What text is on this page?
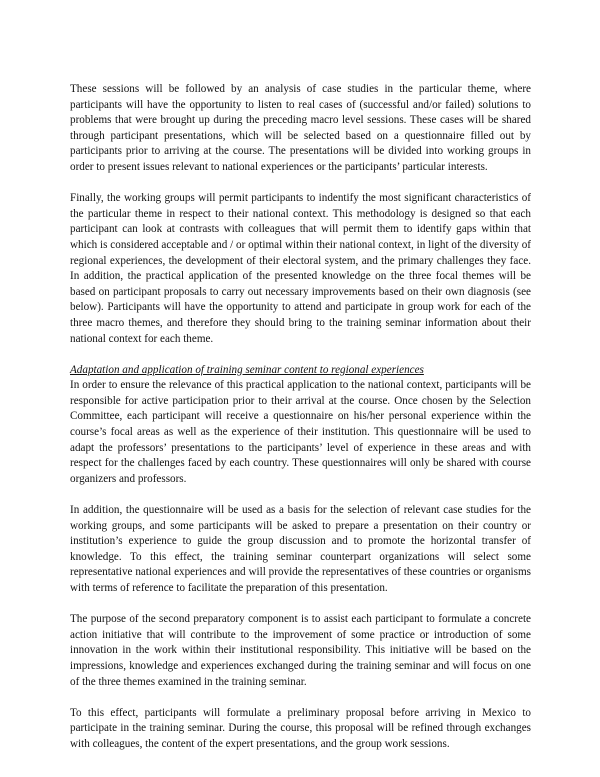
These sessions will be followed by an analysis of case studies in the particular theme, where participants will have the opportunity to listen to real cases of (successful and/or failed) solutions to problems that were brought up during the preceding macro level sessions. These cases will be shared through participant presentations, which will be selected based on a questionnaire filled out by participants prior to arriving at the course. The presentations will be divided into working groups in order to present issues relevant to national experiences or the participants’ particular interests.

Finally, the working groups will permit participants to indentify the most significant characteristics of the particular theme in respect to their national context. This methodology is designed so that each participant can look at contrasts with colleagues that will permit them to identify gaps within that which is considered acceptable and / or optimal within their national context, in light of the diversity of regional experiences, the development of their electoral system, and the primary challenges they face. In addition, the practical application of the presented knowledge on the three focal themes will be based on participant proposals to carry out necessary improvements based on their own diagnosis (see below). Participants will have the opportunity to attend and participate in group work for each of the three macro themes, and therefore they should bring to the training seminar information about their national context for each theme.

Adaptation and application of training seminar content to regional experiences

In order to ensure the relevance of this practical application to the national context, participants will be responsible for active participation prior to their arrival at the course. Once chosen by the Selection Committee, each participant will receive a questionnaire on his/her personal experience within the course’s focal areas as well as the experience of their institution. This questionnaire will be used to adapt the professors’ presentations to the participants’ level of experience in these areas and with respect for the challenges faced by each country. These questionnaires will only be shared with course organizers and professors.

In addition, the questionnaire will be used as a basis for the selection of relevant case studies for the working groups, and some participants will be asked to prepare a presentation on their country or institution’s experience to guide the group discussion and to promote the horizontal transfer of knowledge. To this effect, the training seminar counterpart organizations will select some representative national experiences and will provide the representatives of these countries or organisms with terms of reference to facilitate the preparation of this presentation.

The purpose of the second preparatory component is to assist each participant to formulate a concrete action initiative that will contribute to the improvement of some practice or introduction of some innovation in the work within their institutional responsibility. This initiative will be based on the impressions, knowledge and experiences exchanged during the training seminar and will focus on one of the three themes examined in the training seminar.

To this effect, participants will formulate a preliminary proposal before arriving in Mexico to participate in the training seminar. During the course, this proposal will be refined through exchanges with colleagues, the content of the expert presentations, and the group work sessions.
